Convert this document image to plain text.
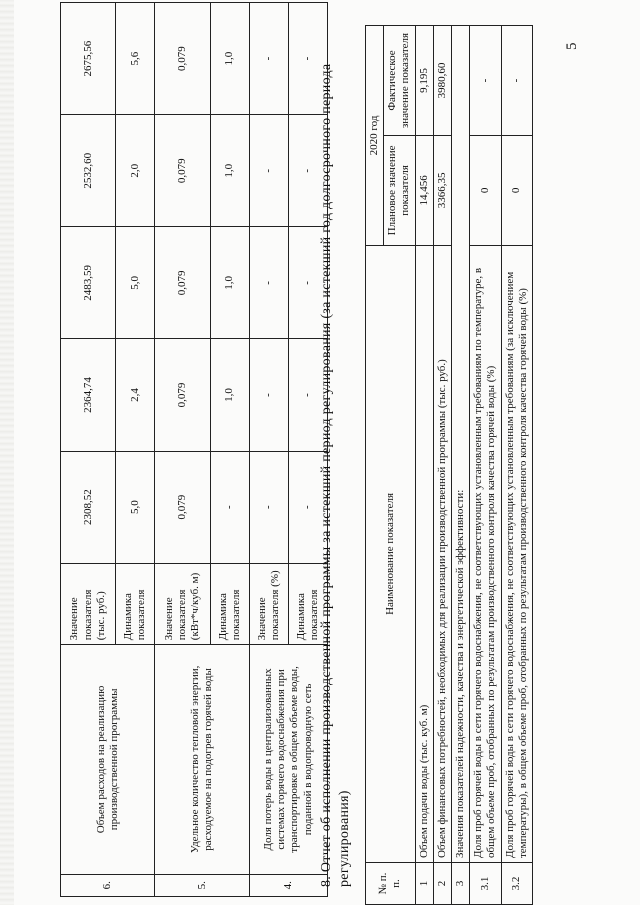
5
6.	Объем расходов на реализацию производственной программы	Значение показателя (тыс. руб.)	2308,52	2364,74	2483,59	2532,60	2675,56
		Динамика показателя	5,0	2,4	5,0	2,0	5,6
5.	Удельное количество тепловой энергии, расходуемое на подогрев горячей воды	Значение показателя (кВт*ч/куб. м)	0,079	0,079	0,079	0,079	0,079
		Динамика показателя	-	1,0	1,0	1,0	1,0
4.	Доля потерь воды в централизованных системах горячего водоснабжения при транспортировке в общем объеме воды, поданной в водопроводную сеть	Значение показателя (%)	-	-	-	-	-
		Динамика показателя	-	-	-	-	-
8. Отчет об исполнении производственной программы за истекший период регулирования (за истекший год долгосрочного периода регулирования) № п. п.	Наименование показателя	2020 год	
		Плановое значение показателя	Фактическое значение показателя
1	Объем подачи воды (тыс. куб. м)	14,456	9,195
2	Объем финансовых потребностей, необходимых для реализации производственной программы (тыс. руб.)	3366,35	3980,60
3	Значения показателей надежности, качества и энергетической эффективности:		
3.1	Доля проб горячей воды в сети горячего водоснабжения, не соответствующих установленным требованиям по температуре, в общем объеме проб, отобранных по результатам производственного контроля качества горячей воды (%)	0	-
3.2	Доля проб горячей воды в сети горячего водоснабжения, не соответствующих установленным требованиям (за исключением температуры), в общем объеме проб, отобранных по результатам производственного контроля качества горячей воды (%)	0	-
